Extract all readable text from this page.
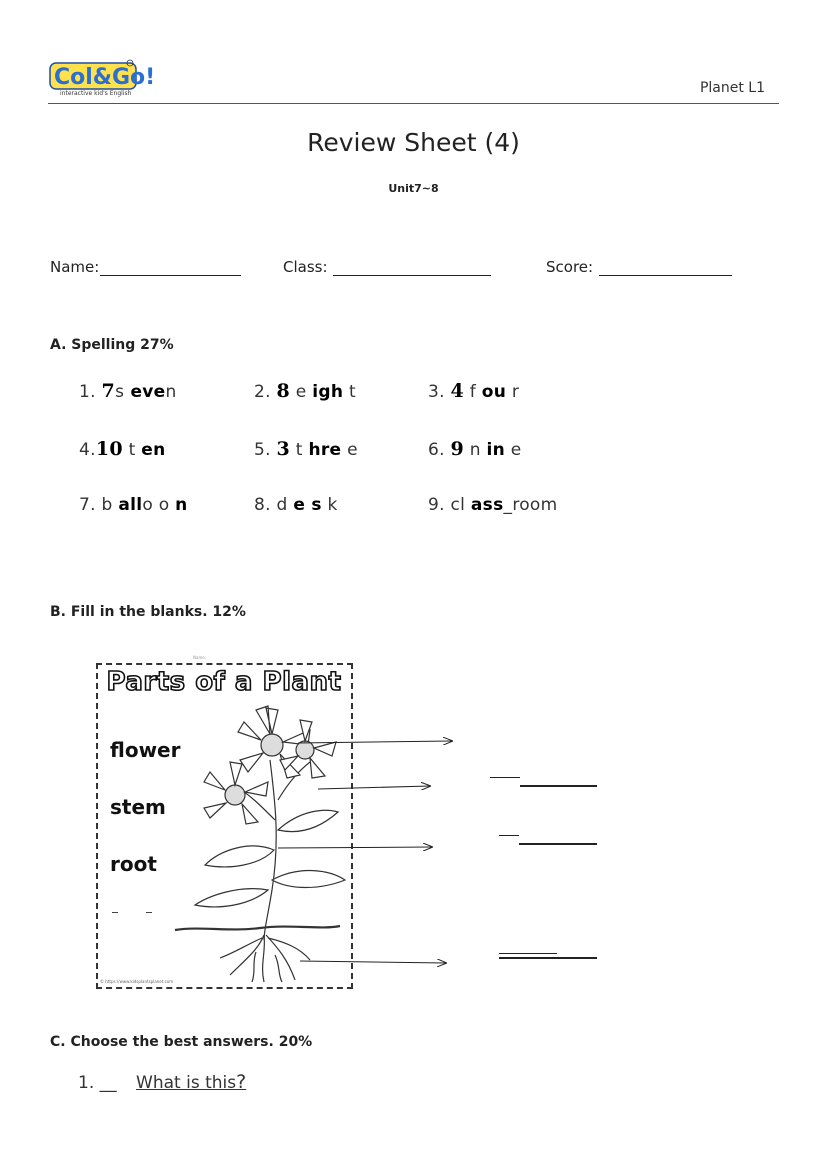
Col&Go!
interactive kid's English	Planet L1
Review Sheet (4)
Unit7~8
Name:	Class:	Score:
A. Spelling 27%
1. 7s even	2. 8 e igh t	3. 4 f ou r
4.10 t en	5. 3 t hre e	6. 9 n in e
7. b allo o n	8. d e s k	9. cl ass_room
B. Fill in the blanks. 12%
Parts of a Plant
flower
stem
root
Name:
© https://www.kidsplantsplanet.com
C. Choose the best answers. 20%
1. __ What is this?
